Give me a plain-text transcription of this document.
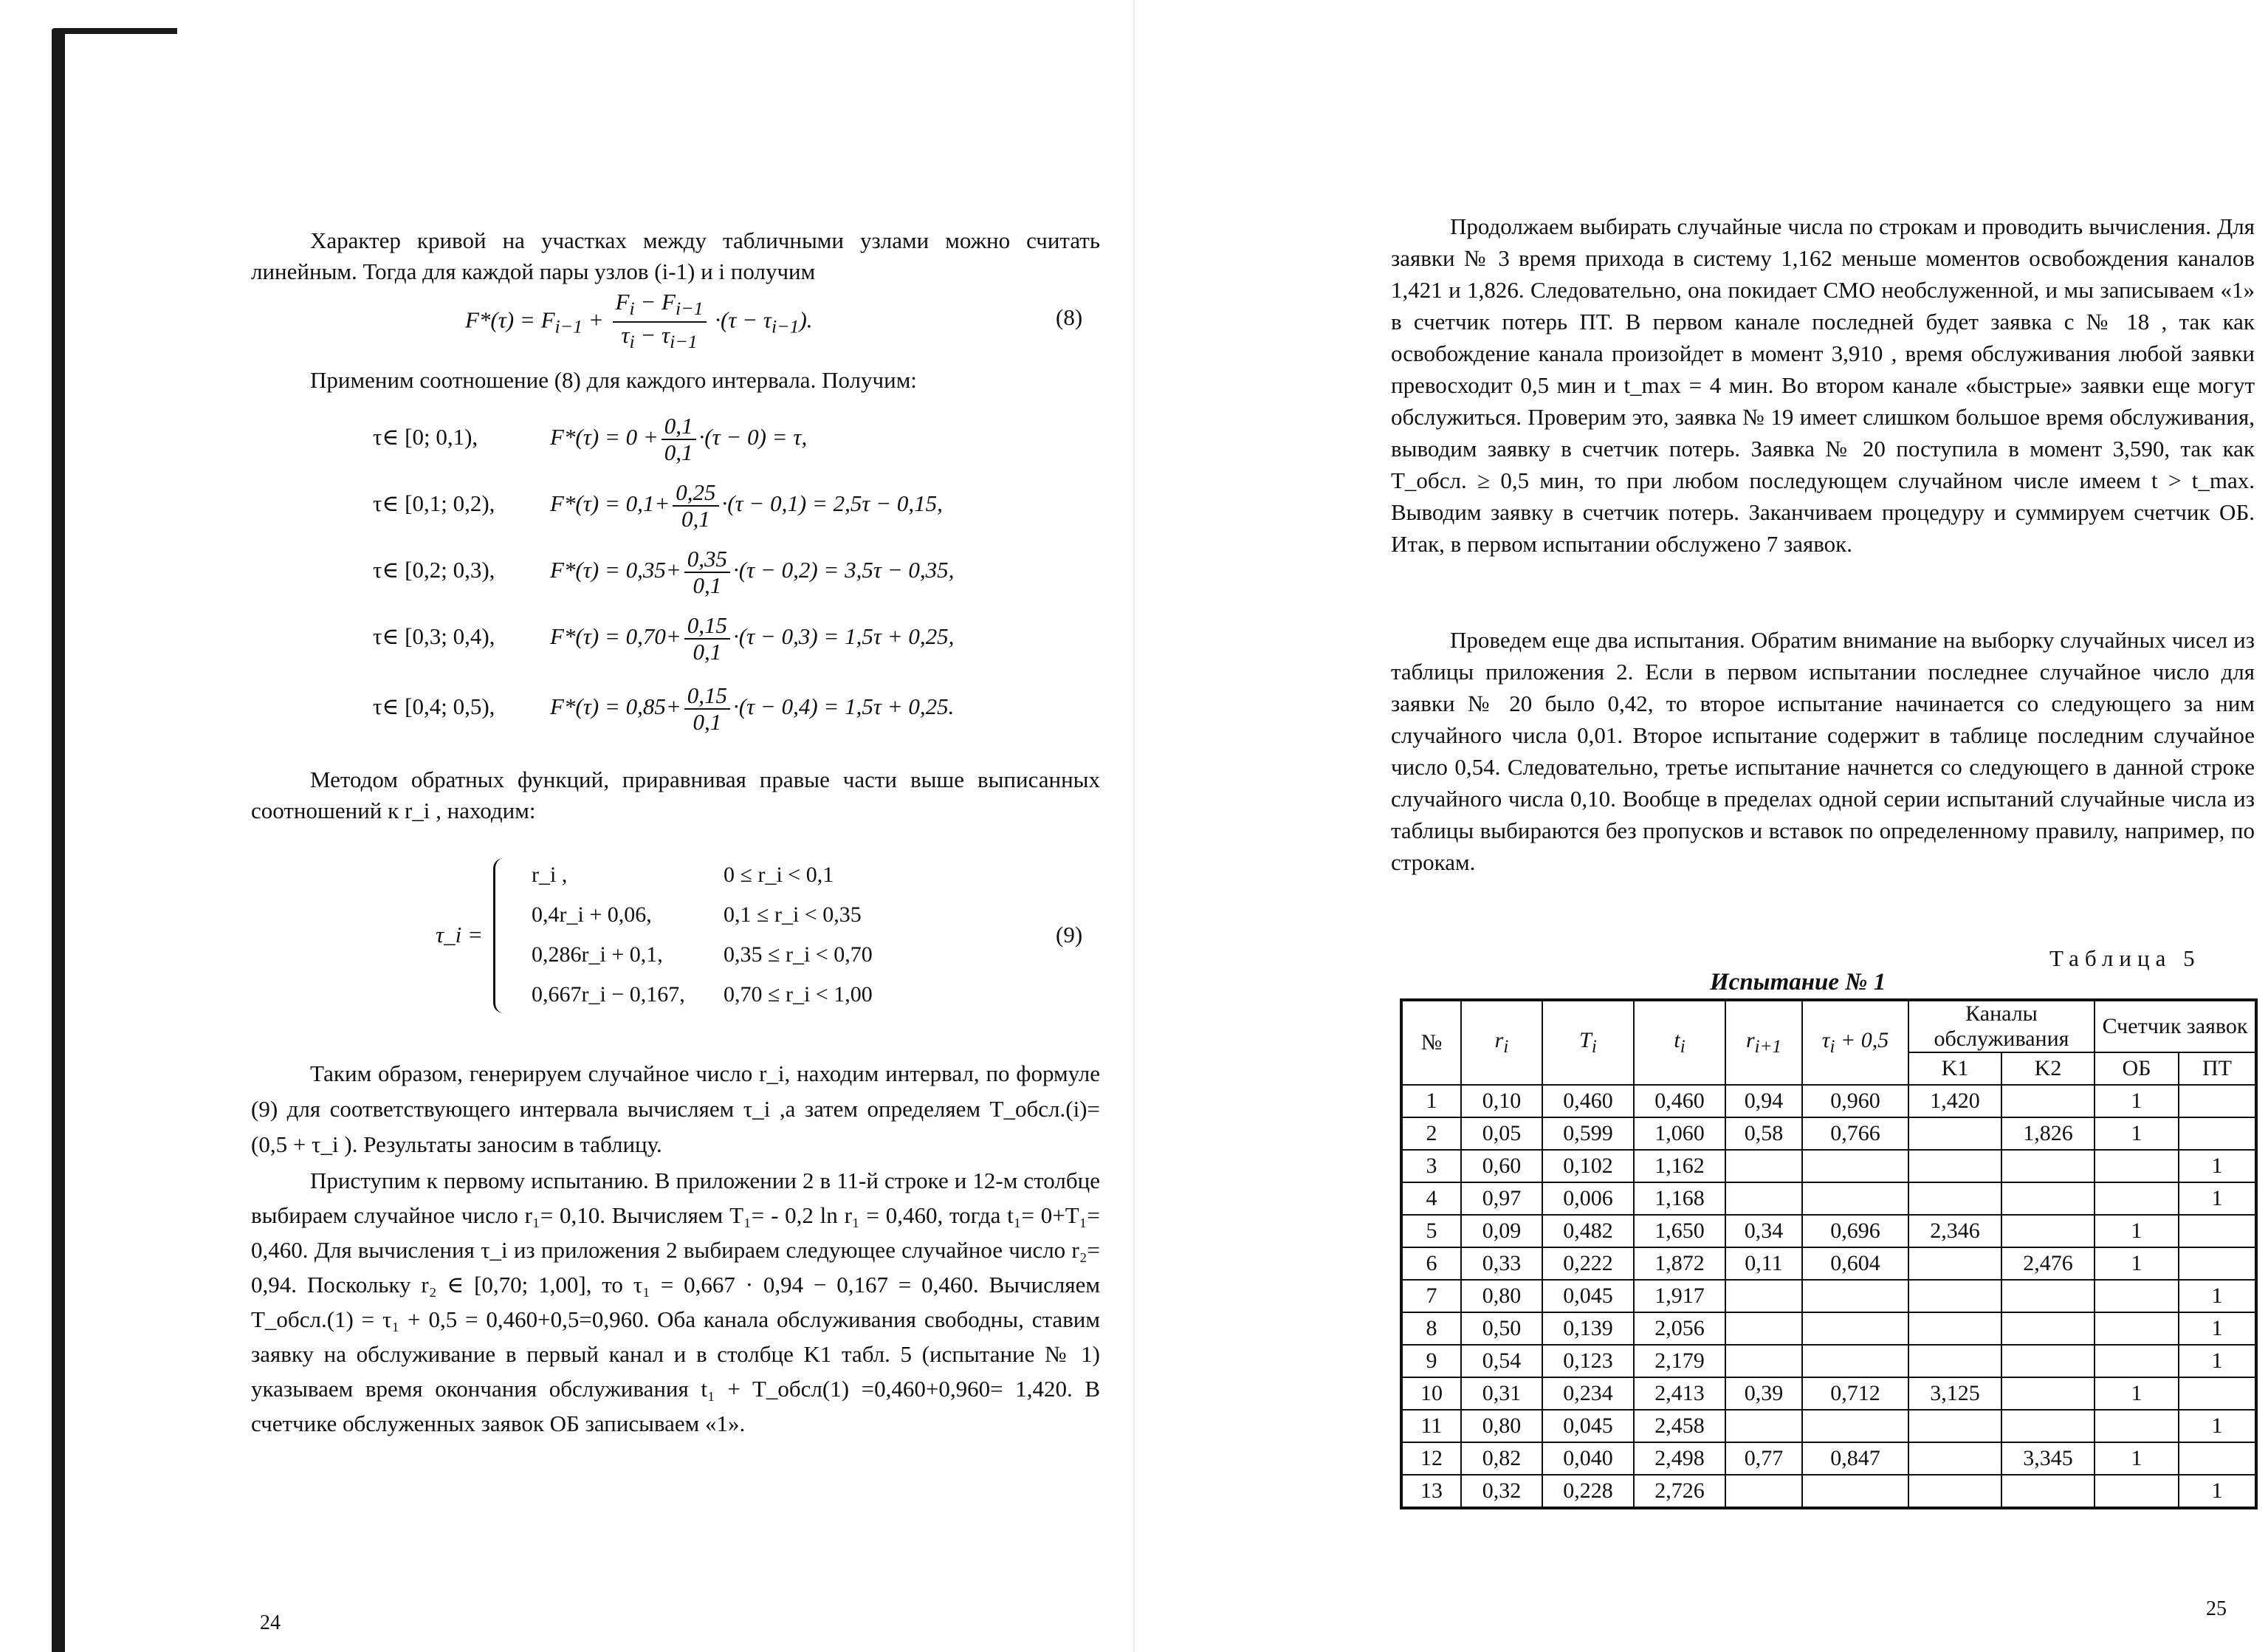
Характер кривой на участках между табличными узлами можно считать линейным. Тогда для каждой пары узлов (i-1) и i получим

$F*(\tau) = F_{i-1} + \frac{F_i - F_{i-1}}{\tau_i - \tau_{i-1}} \cdot(\tau - \tau_{i-1})$.	(8)

Применим соотношение (8) для каждого интервала. Получим:

τ∈ [0; 0,1),	$F*(\tau) = 0 + \frac{0,1}{0,1} \cdot(\tau - 0) = \tau$,
τ∈ [0,1; 0,2), $F*(\tau) = 0,1+ \frac{0,25}{0,1} \cdot(\tau - 0,1) = 2,5\tau - 0,15$,
τ∈ [0,2; 0,3), $F*(\tau) = 0,35+ \frac{0,35}{0,1} \cdot(\tau - 0,2) = 3,5\tau - 0,35$,
τ∈ [0,3; 0,4), $F*(\tau) = 0,70+ \frac{0,15}{0,1} \cdot(\tau - 0,3) = 1,5\tau + 0,25$,
τ∈ [0,4; 0,5), $F*(\tau) = 0,85+ \frac{0,15}{0,1} \cdot(\tau - 0,4) = 1,5\tau + 0,25$.

Методом обратных функций, приравнивая правые части выше выписанных соотношений к r_i , находим:

τ_i =
r_i ,	0 ≤ r_i < 0,1
0,4r_i + 0,06,	0,1 ≤ r_i < 0,35
0,286r_i + 0,1,	0,35 ≤ r_i < 0,70
0,667r_i − 0,167, 0,70 ≤ r_i < 1,00
(9)

Таким образом, генерируем случайное число r_i, находим интервал, по формуле (9) для соответствующего интервала вычисляем τ_i ,а затем определяем T_обсл.(i)= (0,5 + τ_i ). Результаты заносим в таблицу.

Приступим к первому испытанию. В приложении 2 в 11-й строке и 12-м столбце выбираем случайное число r₁= 0,10. Вычисляем T₁= - 0,2 ln r₁ = 0,460, тогда t₁= 0+T₁= 0,460. Для вычисления τ_i из приложения 2 выбираем следующее случайное число r₂= 0,94. Поскольку r₂ ∈ [0,70; 1,00], то τ₁ = 0,667 · 0,94 − 0,167 = 0,460. Вычисляем T_обсл.(1) = τ₁ + 0,5 = 0,460+0,5=0,960. Оба канала обслуживания свободны, ставим заявку на обслуживание в первый канал и в столбце K1 табл. 5 (испытание № 1) указываем время окончания обслуживания t₁ + T_обсл(1) =0,460+0,960= 1,420. В счетчике обслуженных заявок ОБ записываем «1».

24

Продолжаем выбирать случайные числа по строкам и проводить вычисления. Для заявки № 3 время прихода в систему 1,162 меньше моментов освобождения каналов 1,421 и 1,826. Следовательно, она покидает СМО необслуженной, и мы записываем «1» в счетчик потерь ПТ. В первом канале последней будет заявка с № 18 , так как освобождение канала произойдет в момент 3,910 , время обслуживания любой заявки превосходит 0,5 мин и t_max = 4 мин. Во втором канале «быстрые» заявки еще могут обслужиться. Проверим это, заявка № 19 имеет слишком большое время обслуживания, выводим заявку в счетчик потерь. Заявка № 20 поступила в момент 3,590, так как T_обсл. ≥ 0,5 мин, то при любом последующем случайном числе имеем t > t_max. Выводим заявку в счетчик потерь. Заканчиваем процедуру и суммируем счетчик ОБ. Итак, в первом испытании обслужено 7 заявок.

Проведем еще два испытания. Обратим внимание на выборку случайных чисел из таблицы приложения 2. Если в первом испытании последнее случайное число для заявки № 20 было 0,42, то второе испытание начинается со следующего за ним случайного числа 0,01. Второе испытание содержит в таблице последним случайное число 0,54. Следовательно, третье испытание начнется со следующего в данной строке случайного числа 0,10. Вообще в пределах одной серии испытаний случайные числа из таблицы выбираются без пропусков и вставок по определенному правилу, например, по строкам.

Таблица 5
Испытание № 1
№	$r_i$	$T_i$	$t_i$	$r_{i+1}$	$\tau_i + 0,5$	Каналы обслуживания		Счетчик заявок	
						K1	K2	ОБ	ПТ
1	0,10	0,460	0,460	0,94	0,960	1,420		1	
2	0,05	0,599	1,060	0,58	0,766		1,826	1	
3	0,60	0,102	1,162						1
4	0,97	0,006	1,168						1
5	0,09	0,482	1,650	0,34	0,696	2,346		1	
6	0,33	0,222	1,872	0,11	0,604		2,476	1	
7	0,80	0,045	1,917						1
8	0,50	0,139	2,056						1
9	0,54	0,123	2,179						1
10	0,31	0,234	2,413	0,39	0,712	3,125		1	
11	0,80	0,045	2,458						1
12	0,82	0,040	2,498	0,77	0,847		3,345	1	
13	0,32	0,228	2,726						1
25
